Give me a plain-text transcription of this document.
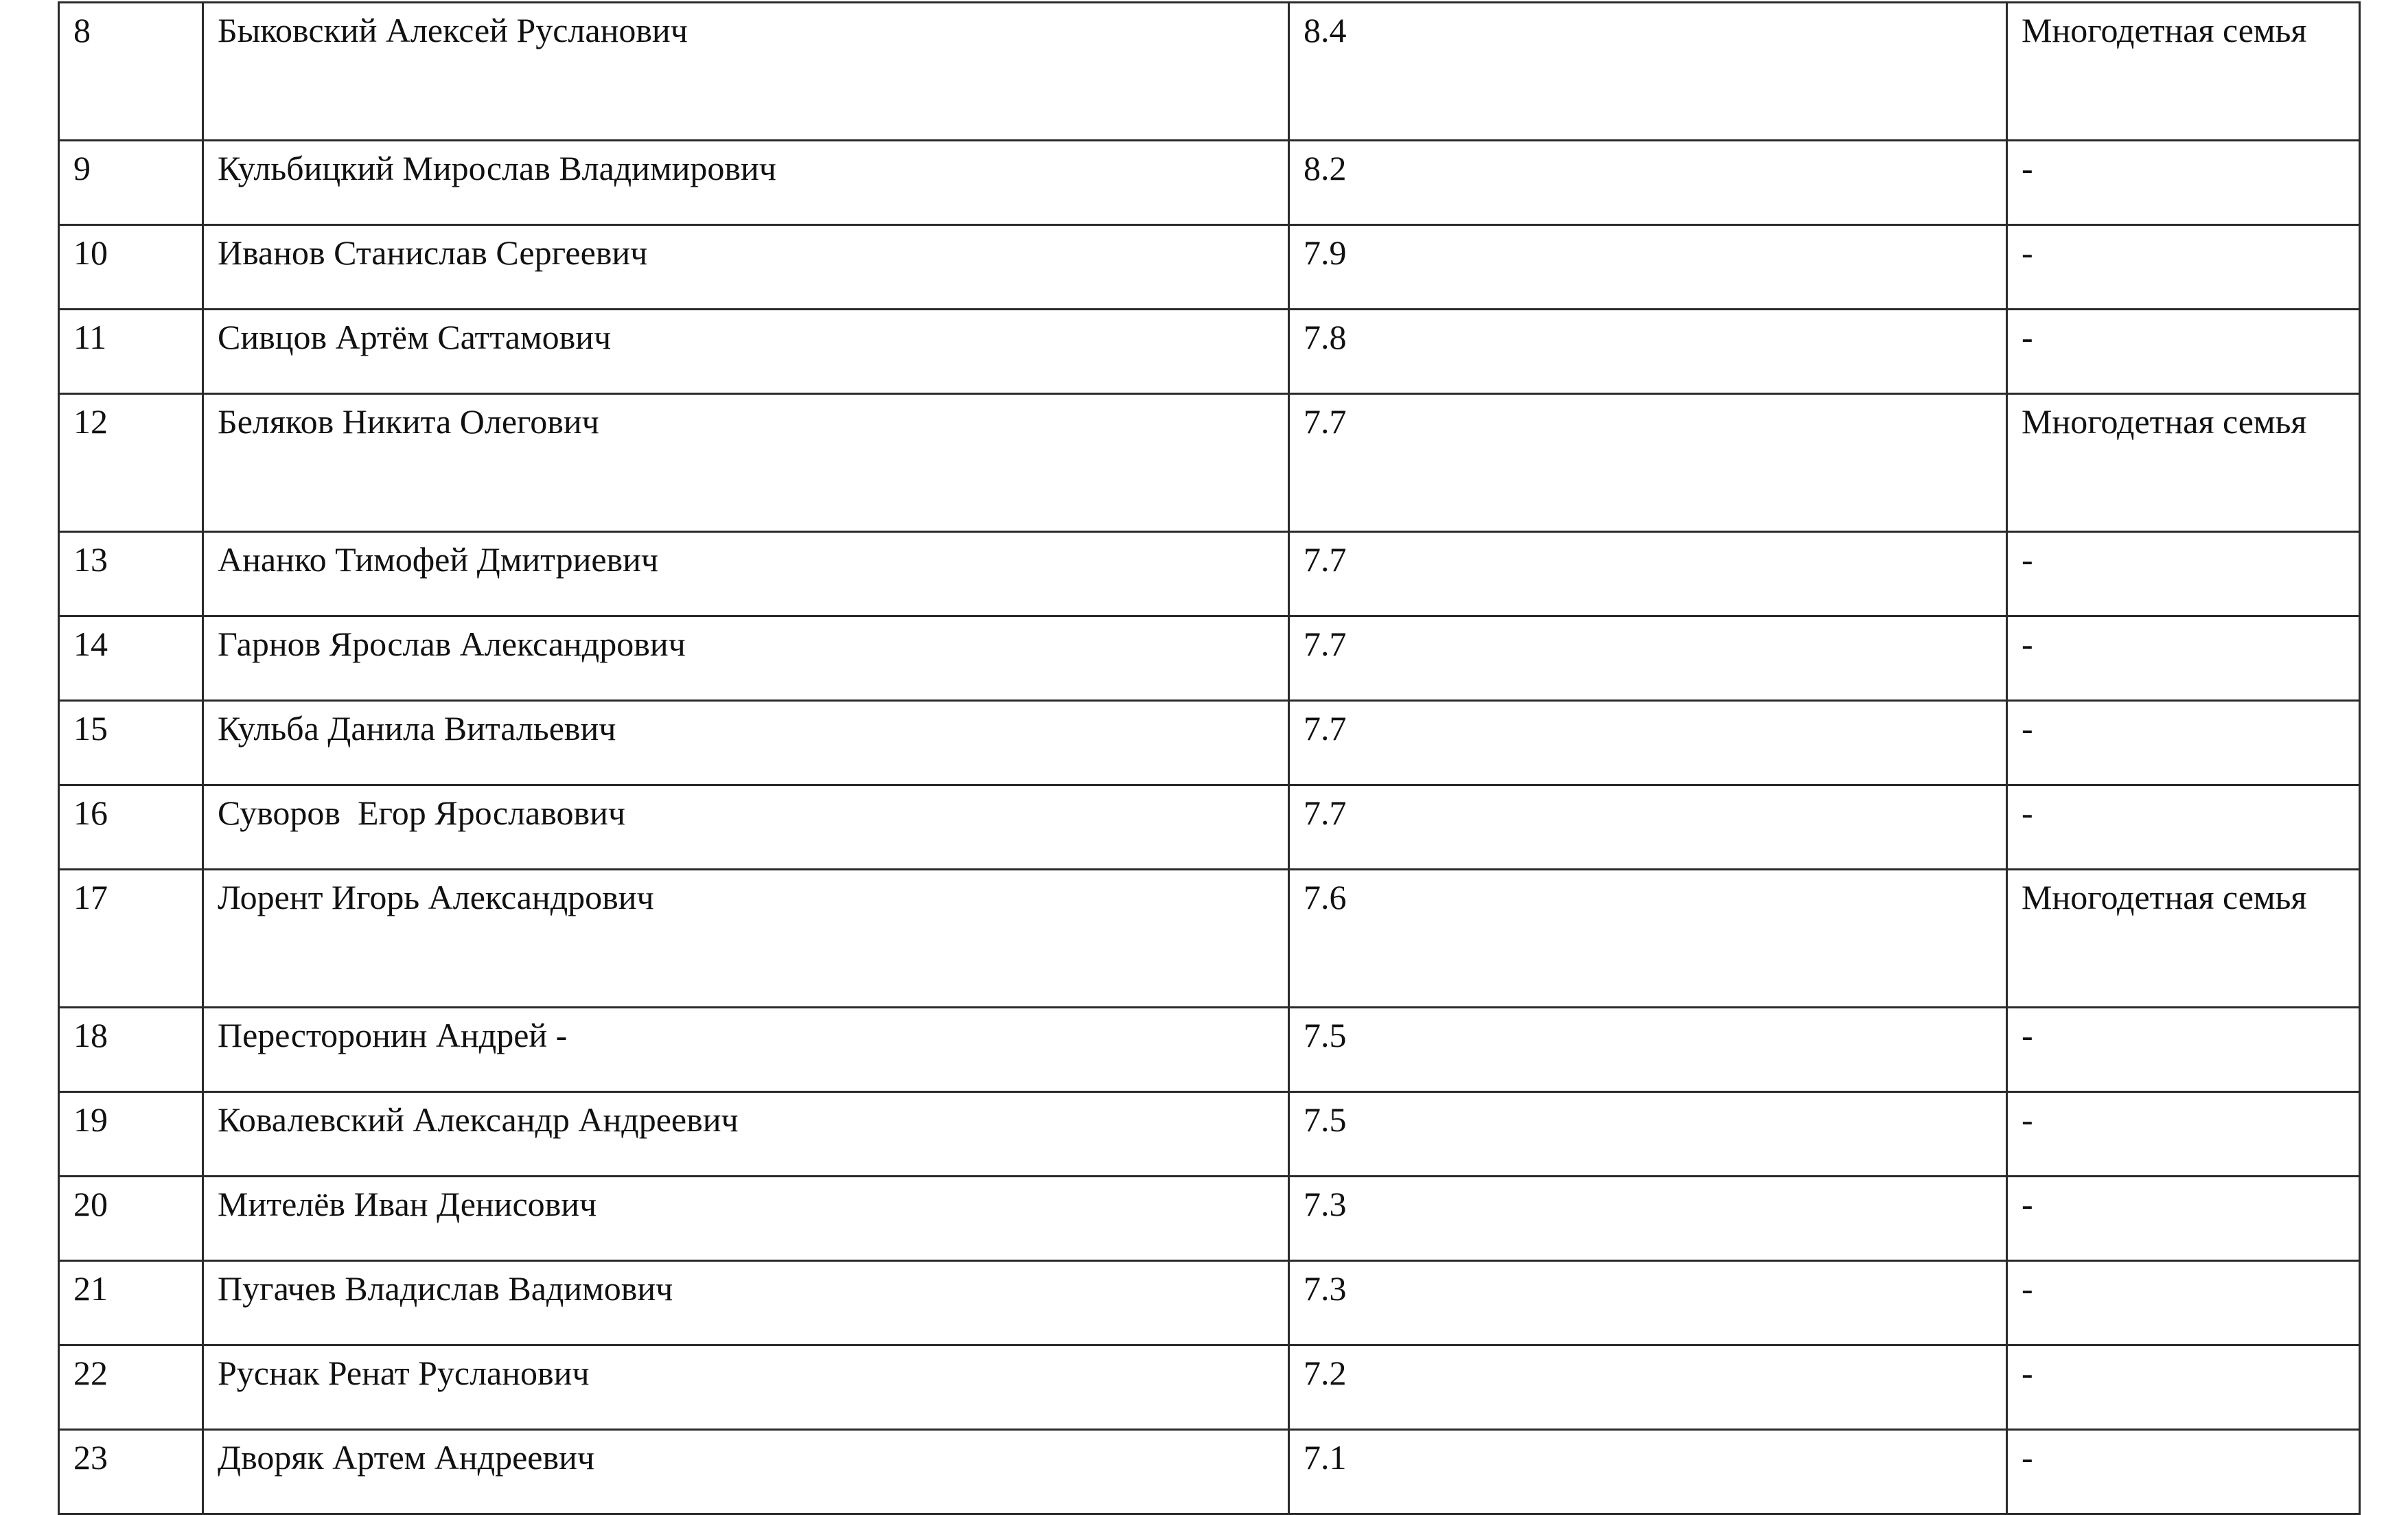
8	Быковский Алексей Русланович	8.4	Многодетная семья
9	Кульбицкий Мирослав Владимирович	8.2	-
10	Иванов Станислав Сергеевич	7.9	-
11	Сивцов Артём Саттамович	7.8	-
12	Беляков Никита Олегович	7.7	Многодетная семья
13	Ананко Тимофей Дмитриевич	7.7	-
14	Гарнов Ярослав Александрович	7.7	-
15	Кульба Данила Витальевич	7.7	-
16	Суворов  Егор Ярославович	7.7	-
17	Лорент Игорь Александрович	7.6	Многодетная семья
18	Пересторонин Андрей -	7.5	-
19	Ковалевский Александр Андреевич	7.5	-
20	Мителёв Иван Денисович	7.3	-
21	Пугачев Владислав Вадимович	7.3	-
22	Руснак Ренат Русланович	7.2	-
23	Дворяк Артем Андреевич	7.1	-
